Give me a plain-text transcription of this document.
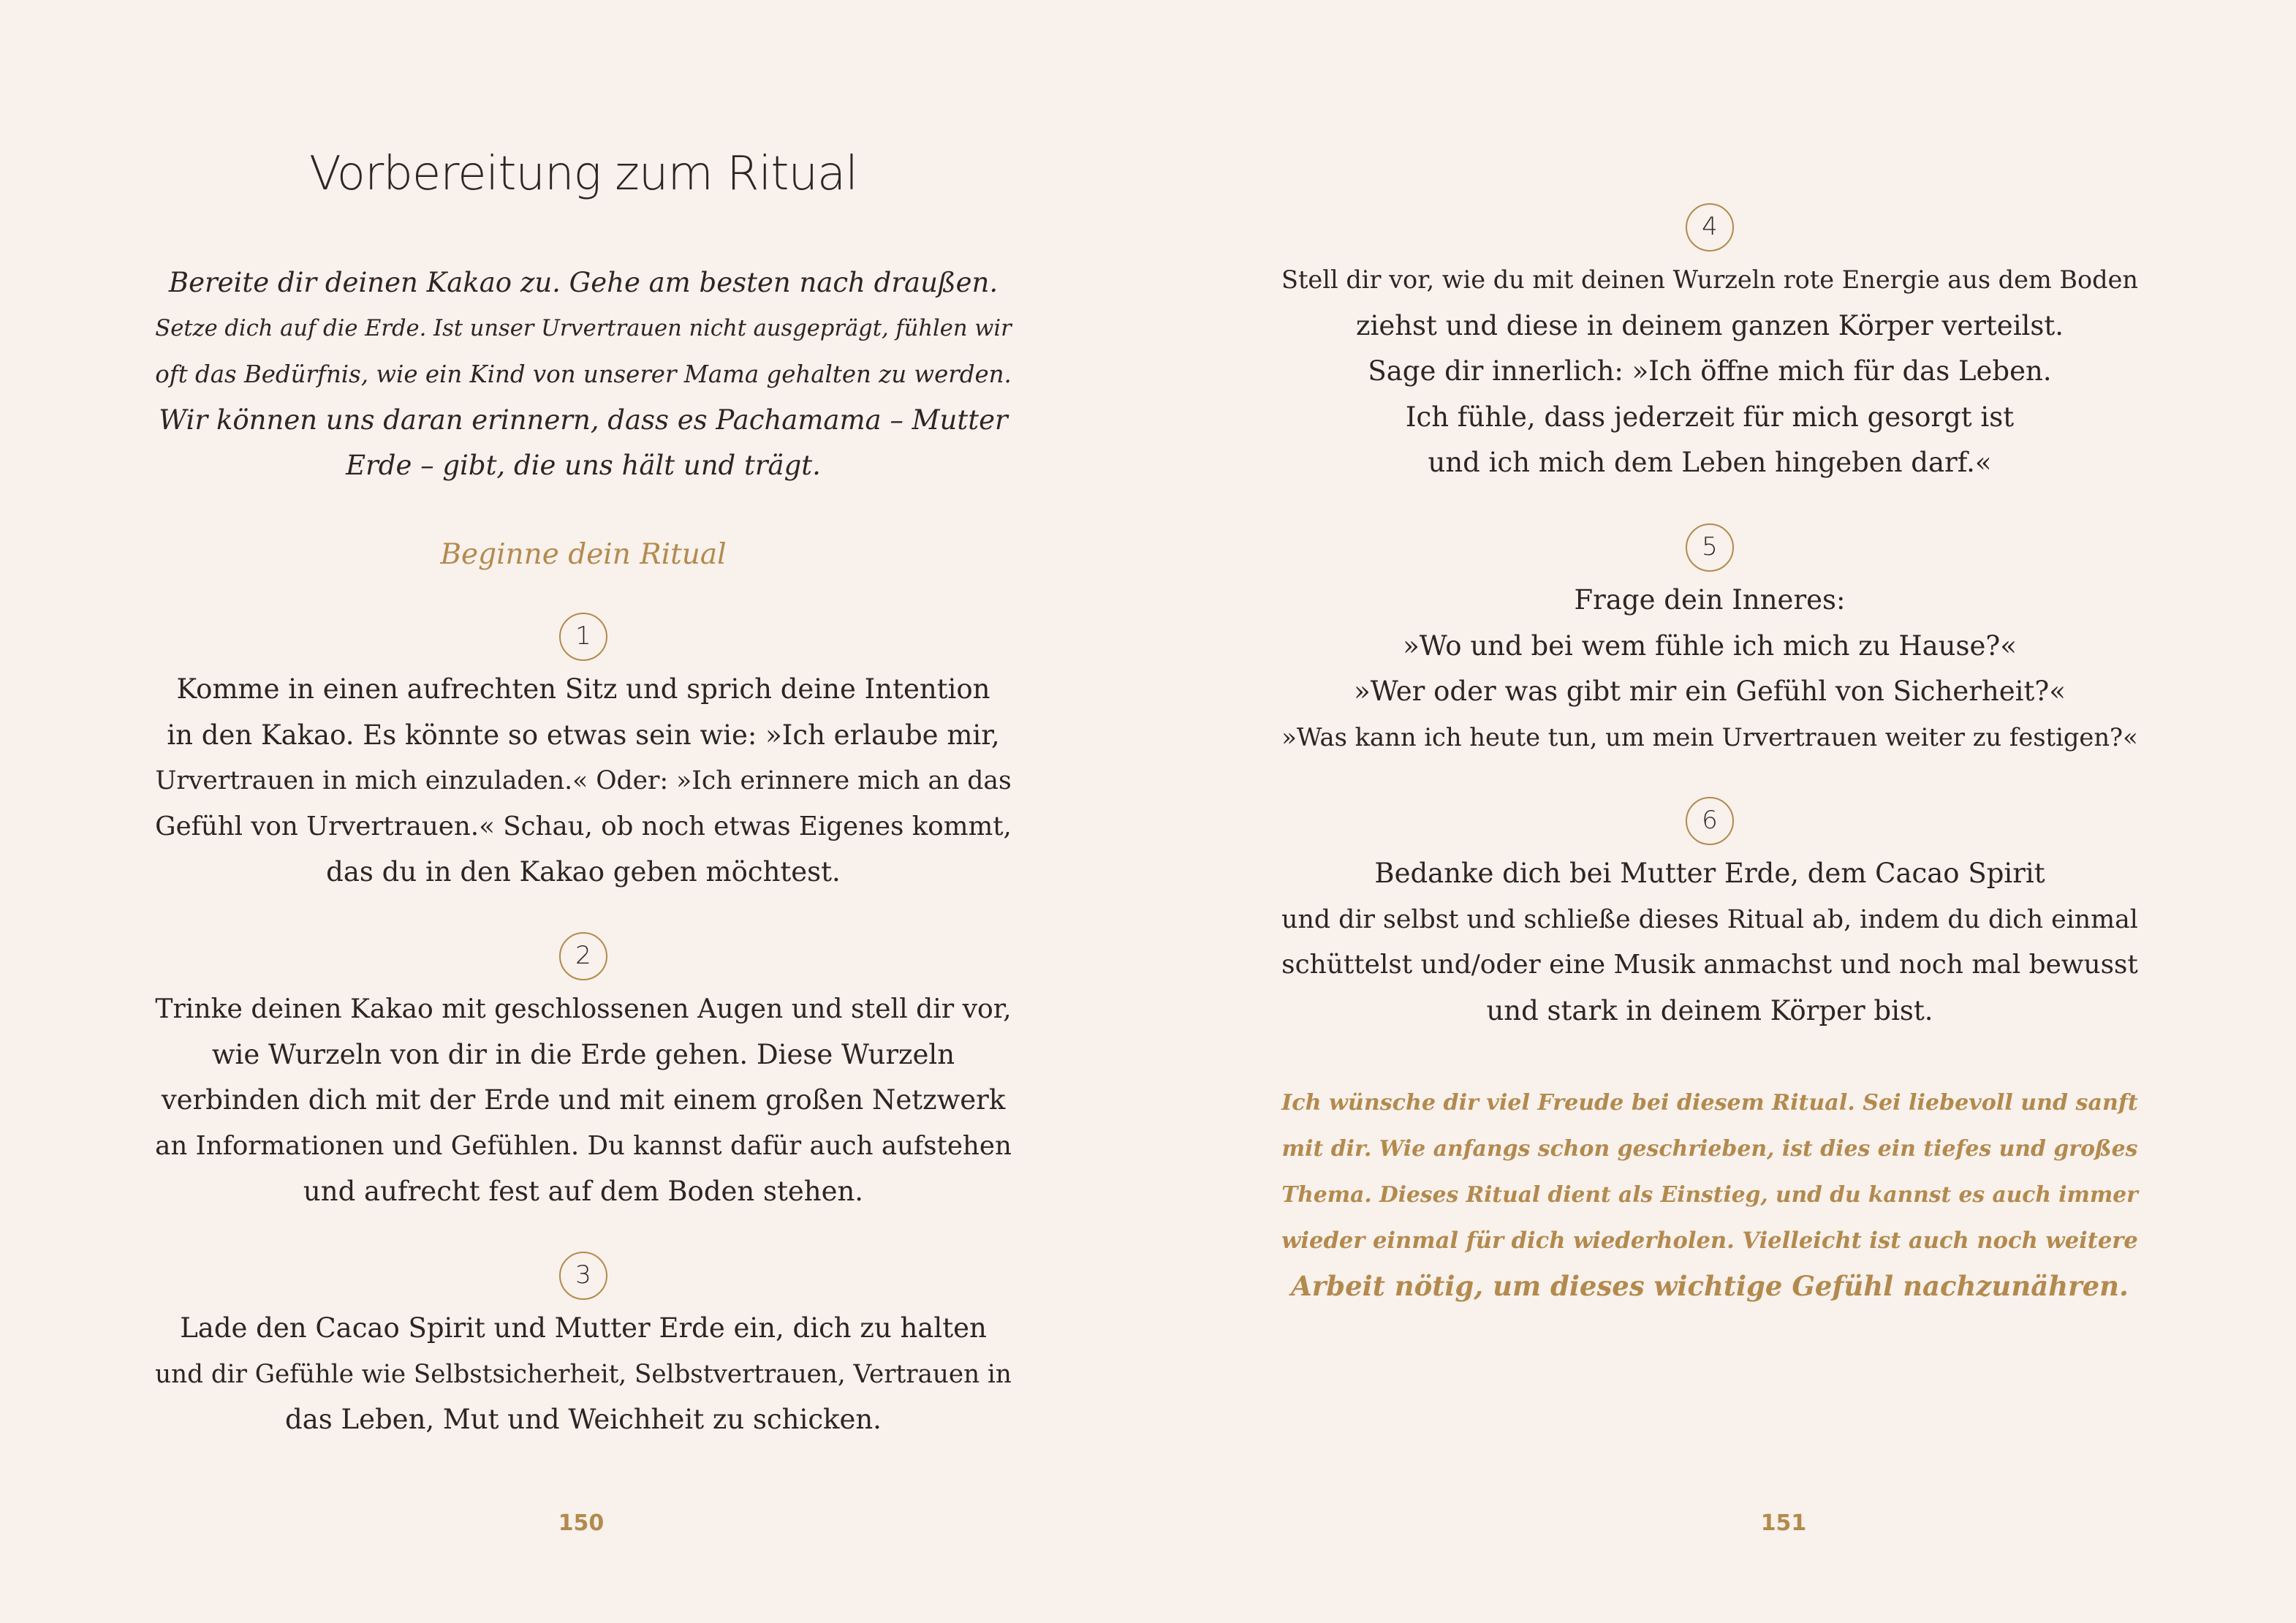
Vorbereitung zum Ritual
Bereite dir deinen Kakao zu. Gehe am besten nach draußen.
Setze dich auf die Erde. Ist unser Urvertrauen nicht ausgeprägt, fühlen wir
oft das Bedürfnis, wie ein Kind von unserer Mama gehalten zu werden.
Wir können uns daran erinnern, dass es Pachamama – Mutter
Erde – gibt, die uns hält und trägt.
Beginne dein Ritual
1
Komme in einen aufrechten Sitz und sprich deine Intention
in den Kakao. Es könnte so etwas sein wie: »Ich erlaube mir,
Urvertrauen in mich einzuladen.« Oder: »Ich erinnere mich an das
Gefühl von Urvertrauen.« Schau, ob noch etwas Eigenes kommt,
das du in den Kakao geben möchtest.
2
Trinke deinen Kakao mit geschlossenen Augen und stell dir vor,
wie Wurzeln von dir in die Erde gehen. Diese Wurzeln
verbinden dich mit der Erde und mit einem großen Netzwerk
an Informationen und Gefühlen. Du kannst dafür auch aufstehen
und aufrecht fest auf dem Boden stehen.
3
Lade den Cacao Spirit und Mutter Erde ein, dich zu halten
und dir Gefühle wie Selbstsicherheit, Selbstvertrauen, Vertrauen in
das Leben, Mut und Weichheit zu schicken.
150
4
Stell dir vor, wie du mit deinen Wurzeln rote Energie aus dem Boden
ziehst und diese in deinem ganzen Körper verteilst.
Sage dir innerlich: »Ich öffne mich für das Leben.
Ich fühle, dass jederzeit für mich gesorgt ist
und ich mich dem Leben hingeben darf.«
5
Frage dein Inneres:
»Wo und bei wem fühle ich mich zu Hause?«
»Wer oder was gibt mir ein Gefühl von Sicherheit?«
»Was kann ich heute tun, um mein Urvertrauen weiter zu festigen?«
6
Bedanke dich bei Mutter Erde, dem Cacao Spirit
und dir selbst und schließe dieses Ritual ab, indem du dich einmal
schüttelst und/oder eine Musik anmachst und noch mal bewusst
und stark in deinem Körper bist.
Ich wünsche dir viel Freude bei diesem Ritual. Sei liebevoll und sanft
mit dir. Wie anfangs schon geschrieben, ist dies ein tiefes und großes
Thema. Dieses Ritual dient als Einstieg, und du kannst es auch immer
wieder einmal für dich wiederholen. Vielleicht ist auch noch weitere
Arbeit nötig, um dieses wichtige Gefühl nachzunähren.
151
